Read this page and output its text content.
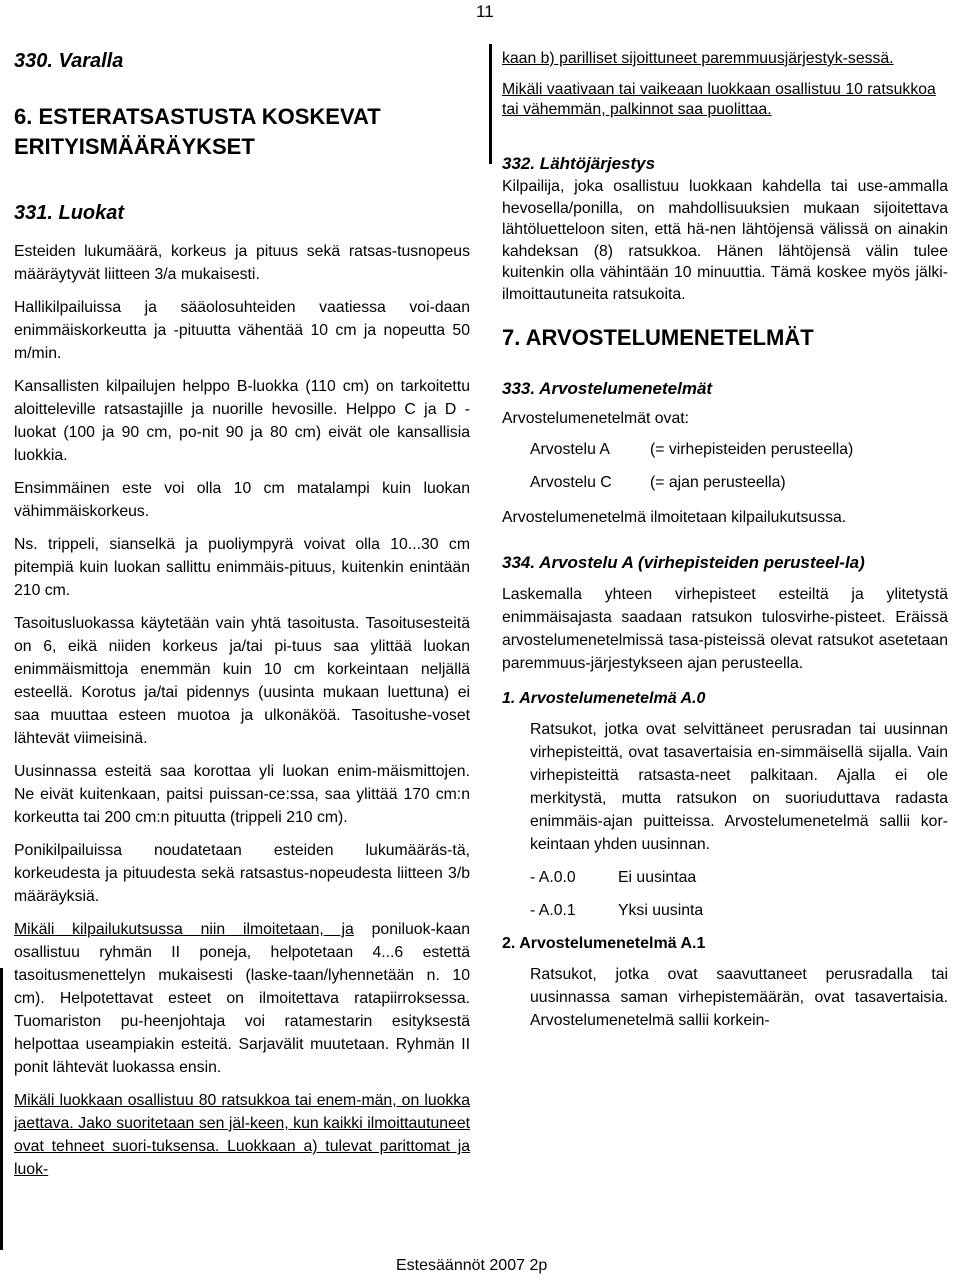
11

330. Varalla

6. ESTERATSASTUSTA KOSKEVAT

ERITYISMÄÄRÄYKSET

331. Luokat

Esteiden lukumäärä, korkeus ja pituus sekä ratsas-tusnopeus määräytyvät liitteen 3/a mukaisesti.

Hallikilpailuissa ja sääolosuhteiden vaatiessa voi-daan enimmäiskorkeutta ja -pituutta vähentää 10 cm ja nopeutta 50 m/min.

Kansallisten kilpailujen helppo B-luokka (110 cm) on tarkoitettu aloitteleville ratsastajille ja nuorille hevosille. Helppo C ja D -luokat (100 ja 90 cm, po-nit 90 ja 80 cm) eivät ole kansallisia luokkia.

Ensimmäinen este voi olla 10 cm matalampi kuin luokan vähimmäiskorkeus.

Ns. trippeli, sianselkä ja puoliympyrä voivat olla 10...30 cm pitempiä kuin luokan sallittu enimmäis-pituus, kuitenkin enintään 210 cm.

Tasoitusluokassa käytetään vain yhtä tasoitusta. Tasoitusesteitä on 6, eikä niiden korkeus ja/tai pi-tuus saa ylittää luokan enimmäismittoja enemmän kuin 10 cm korkeintaan neljällä esteellä. Korotus ja/tai pidennys (uusinta mukaan luettuna) ei saa muuttaa esteen muotoa ja ulkonäköä. Tasoitushe-voset lähtevät viimeisinä.

Uusinnassa esteitä saa korottaa yli luokan enim-mäismittojen. Ne eivät kuitenkaan, paitsi puissan-ce:ssa, saa ylittää 170 cm:n korkeutta tai 200 cm:n pituutta (trippeli 210 cm).

Ponikilpailuissa noudatetaan esteiden lukumääräs-tä, korkeudesta ja pituudesta sekä ratsastus-nopeudesta liitteen 3/b määräyksiä.

Mikäli kilpailukutsussa niin ilmoitetaan, ja poniluok-kaan osallistuu ryhmän II poneja, helpotetaan 4...6 estettä tasoitusmenettelyn mukaisesti (laske-taan/lyhennetään n. 10 cm). Helpotettavat esteet on ilmoitettava ratapiirroksessa. Tuomariston pu-heenjohtaja voi ratamestarin esityksestä helpottaa useampiakin esteitä. Sarjavälit muutetaan. Ryhmän II ponit lähtevät luokassa ensin.

Mikäli luokkaan osallistuu 80 ratsukkoa tai enem-män, on luokka jaettava. Jako suoritetaan sen jäl-keen, kun kaikki ilmoittautuneet ovat tehneet suori-tuksensa. Luokkaan a) tulevat parittomat ja luok-

kaan b) parilliset sijoittuneet paremmuusjärjestyk-sessä.

Mikäli vaativaan tai vaikeaan luokkaan osallistuu 10 ratsukkoa tai vähemmän, palkinnot saa puolittaa.

332. Lähtöjärjestys

Kilpailija, joka osallistuu luokkaan kahdella tai use-ammalla hevosella/ponilla, on mahdollisuuksien mukaan sijoitettava lähtöluetteloon siten, että hä-nen lähtöjensä välissä on ainakin kahdeksan (8) ratsukkoa. Hänen lähtöjensä välin tulee kuitenkin olla vähintään 10 minuuttia. Tämä koskee myös jälki-ilmoittautuneita ratsukoita.

7. ARVOSTELUMENETELMÄT

333. Arvostelumenetelmät

Arvostelumenetelmät ovat:

Arvostelu A	(= virhepisteiden perusteella)
Arvostelu C	(= ajan perusteella)

Arvostelumenetelmä ilmoitetaan kilpailukutsussa.

334. Arvostelu A (virhepisteiden perusteel-la)

Laskemalla yhteen virhepisteet esteiltä ja ylitetystä enimmäisajasta saadaan ratsukon tulosvirhe-pisteet. Eräissä arvostelumenetelmissä tasa-pisteissä olevat ratsukot asetetaan paremmuus-järjestykseen ajan perusteella.

1. Arvostelumenetelmä A.0

Ratsukot, jotka ovat selvittäneet perusradan tai uusinnan virhepisteittä, ovat tasavertaisia en-simmäisellä sijalla. Vain virhepisteittä ratsasta-neet palkitaan. Ajalla ei ole merkitystä, mutta ratsukon on suoriuduttava radasta enimmäis-ajan puitteissa. Arvostelumenetelmä sallii kor-keintaan yhden uusinnan.

- A.0.0	Ei uusintaa
- A.0.1	Yksi uusinta

2. Arvostelumenetelmä A.1

Ratsukot, jotka ovat saavuttaneet perusradalla tai uusinnassa saman virhepistemäärän, ovat tasavertaisia. Arvostelumenetelmä sallii korkein-

Estesäännöt 2007 2p
